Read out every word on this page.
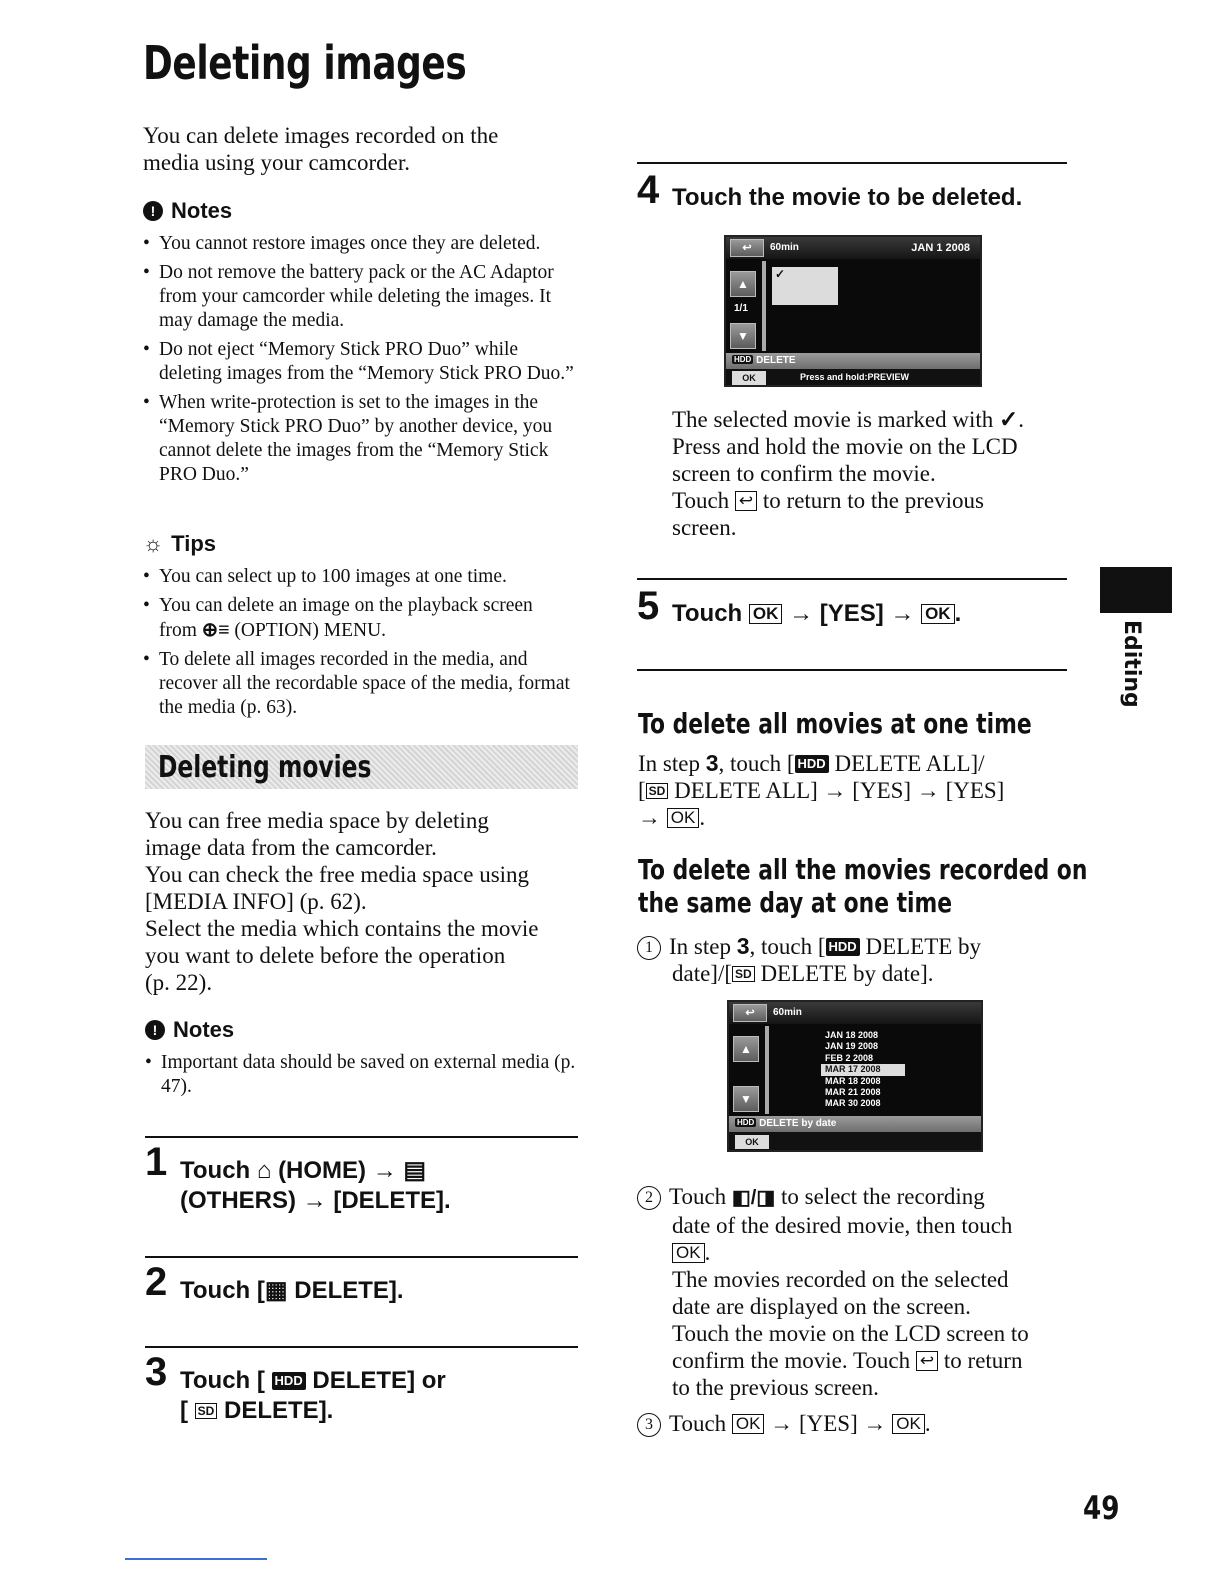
Deleting images
You can delete images recorded on the
media using your camcorder.
! Notes
• You cannot restore images once they are deleted.
• Do not remove the battery pack or the AC Adaptor from your camcorder while deleting the images. It may damage the media.
• Do not eject “Memory Stick PRO Duo” while deleting images from the “Memory Stick PRO Duo.”
• When write-protection is set to the images in the “Memory Stick PRO Duo” by another device, you cannot delete the images from the “Memory Stick PRO Duo.”
☼ Tips
• You can select up to 100 images at one time.
• You can delete an image on the playback screen
from ⊕≡ (OPTION) MENU.
• To delete all images recorded in the media, and recover all the recordable space of the media, format the media (p. 63).
Deleting movies
You can free media space by deleting
image data from the camcorder.
You can check the free media space using
[MEDIA INFO] (p. 62).
Select the media which contains the movie
you want to delete before the operation
(p. 22).
! Notes
• Important data should be saved on external media (p. 47).
1 Touch ⌂ (HOME) → ▤
(OTHERS) → [DELETE].
2 Touch [▦ DELETE].
3 Touch [ HDD DELETE] or
[ SD DELETE].
4 Touch the movie to be deleted.
↩	60min	JAN 1 2008
▲
1/1
▼
✓
HDD DELETE
OK	Press and hold:PREVIEW
The selected movie is marked with ✓.
Press and hold the movie on the LCD
screen to confirm the movie.
Touch ↩ to return to the previous
screen.
5 Touch OK → [YES] → OK .
To delete all movies at one time
In step 3, touch [ HDD DELETE ALL]/
[ SD DELETE ALL] → [YES] → [YES]
→ OK .
To delete all the movies recorded on
the same day at one time
1 In step 3, touch [ HDD DELETE by
date]/[ SD DELETE by date].
↩	60min
▲
▼
JAN 18 2008
JAN 19 2008
FEB 2 2008
MAR 17 2008
MAR 18 2008
MAR 21 2008
MAR 30 2008
HDD DELETE by date
OK
2 Touch ◧/◨ to select the recording
date of the desired movie, then touch
OK .
The movies recorded on the selected
date are displayed on the screen.
Touch the movie on the LCD screen to
confirm the movie. Touch ↩ to return
to the previous screen.
3 Touch OK → [YES] → OK .
Editing
49
